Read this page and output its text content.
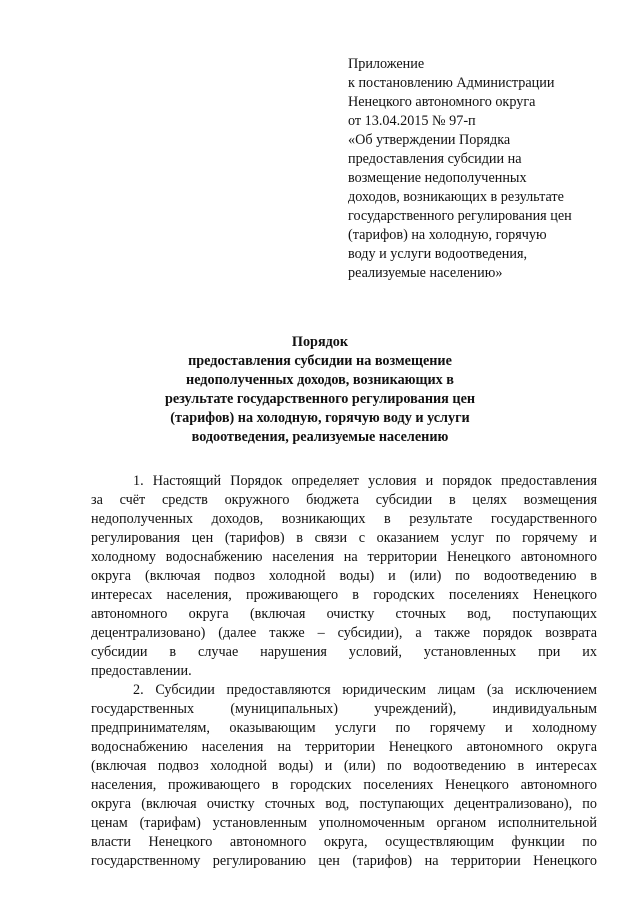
Приложение
к постановлению Администрации
Ненецкого автономного округа
от 13.04.2015 № 97-п
«Об утверждении Порядка
предоставления субсидии на
возмещение недополученных
доходов, возникающих в результате
государственного регулирования цен
(тарифов) на холодную, горячую
воду и услуги водоотведения,
реализуемые населению»
Порядок
предоставления субсидии на возмещение
недополученных доходов, возникающих в
результате государственного регулирования цен
(тарифов) на холодную, горячую воду и услуги
водоотведения, реализуемые населению
1. Настоящий Порядок определяет условия и порядок предоставления
за счёт средств окружного бюджета субсидии в целях возмещения
недополученных доходов, возникающих в результате государственного
регулирования цен (тарифов) в связи с оказанием услуг по горячему и
холодному водоснабжению населения на территории Ненецкого автономного
округа (включая подвоз холодной воды) и (или) по водоотведению в
интересах населения, проживающего в городских поселениях Ненецкого
автономного округа (включая очистку сточных вод, поступающих
децентрализовано) (далее также – субсидии), а также порядок возврата
субсидии в случае нарушения условий, установленных при их
предоставлении.
2. Субсидии предоставляются юридическим лицам (за исключением
государственных (муниципальных) учреждений), индивидуальным
предпринимателям, оказывающим услуги по горячему и холодному
водоснабжению населения на территории Ненецкого автономного округа
(включая подвоз холодной воды) и (или) по водоотведению в интересах
населения, проживающего в городских поселениях Ненецкого автономного
округа (включая очистку сточных вод, поступающих децентрализовано), по
ценам (тарифам) установленным уполномоченным органом исполнительной
власти Ненецкого автономного округа, осуществляющим функции по
государственному регулированию цен (тарифов) на территории Ненецкого
